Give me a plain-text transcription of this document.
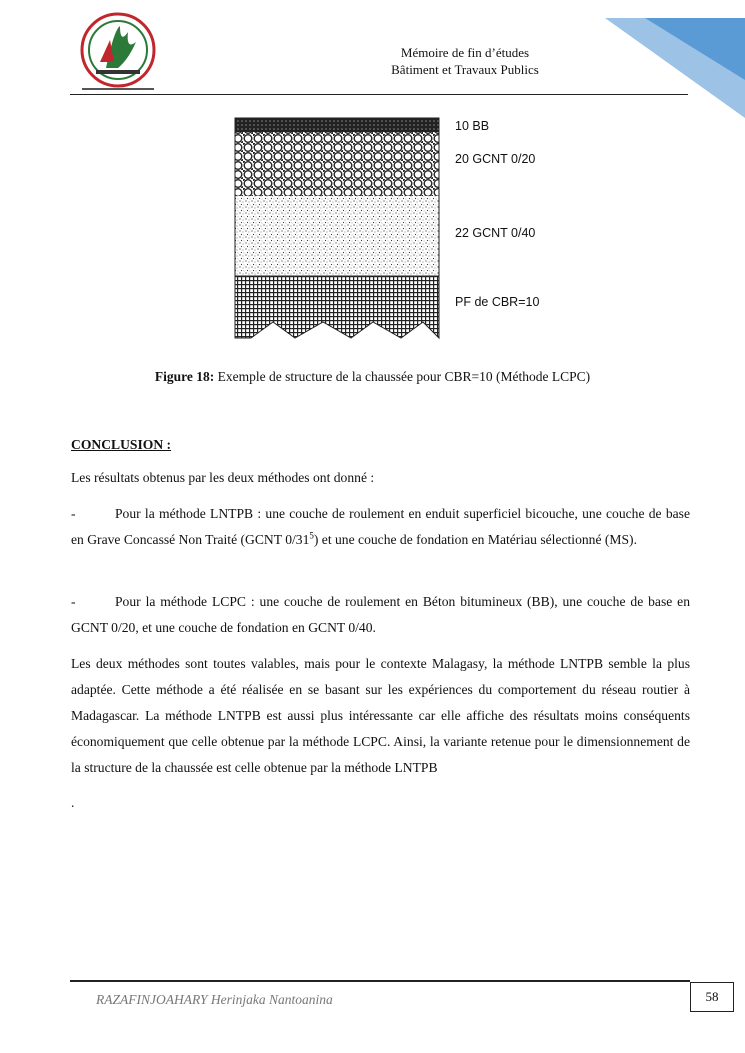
Mémoire de fin d’études
Bâtiment et Travaux Publics
10 BB
20 GCNT 0/20
22 GCNT 0/40
PF de CBR=10
Figure 18: Exemple de structure de la chaussée pour CBR=10 (Méthode LCPC)
CONCLUSION :

Les résultats obtenus par les deux méthodes ont donné :

-	Pour la méthode LNTPB : une couche de roulement en enduit superficiel bicouche, une couche de base en Grave Concassé Non Traité (GCNT $0/31^5$) et une couche de fondation en Matériau sélectionné (MS).

-	Pour la méthode LCPC : une couche de roulement en Béton bitumineux (BB), une couche de base en GCNT 0/20, et une couche de fondation en GCNT 0/40.

Les deux méthodes sont toutes valables, mais pour le contexte Malagasy, la méthode LNTPB semble la plus adaptée. Cette méthode a été réalisée en se basant sur les expériences du comportement du réseau routier à Madagascar. La méthode LNTPB est aussi plus intéressante car elle affiche des résultats moins conséquents économiquement que celle obtenue par la méthode LCPC. Ainsi, la variante retenue pour le dimensionnement de la structure de la chaussée est celle obtenue par la méthode LNTPB

.
RAZAFINJOAHARY Herinjaka Nantoanina	58
